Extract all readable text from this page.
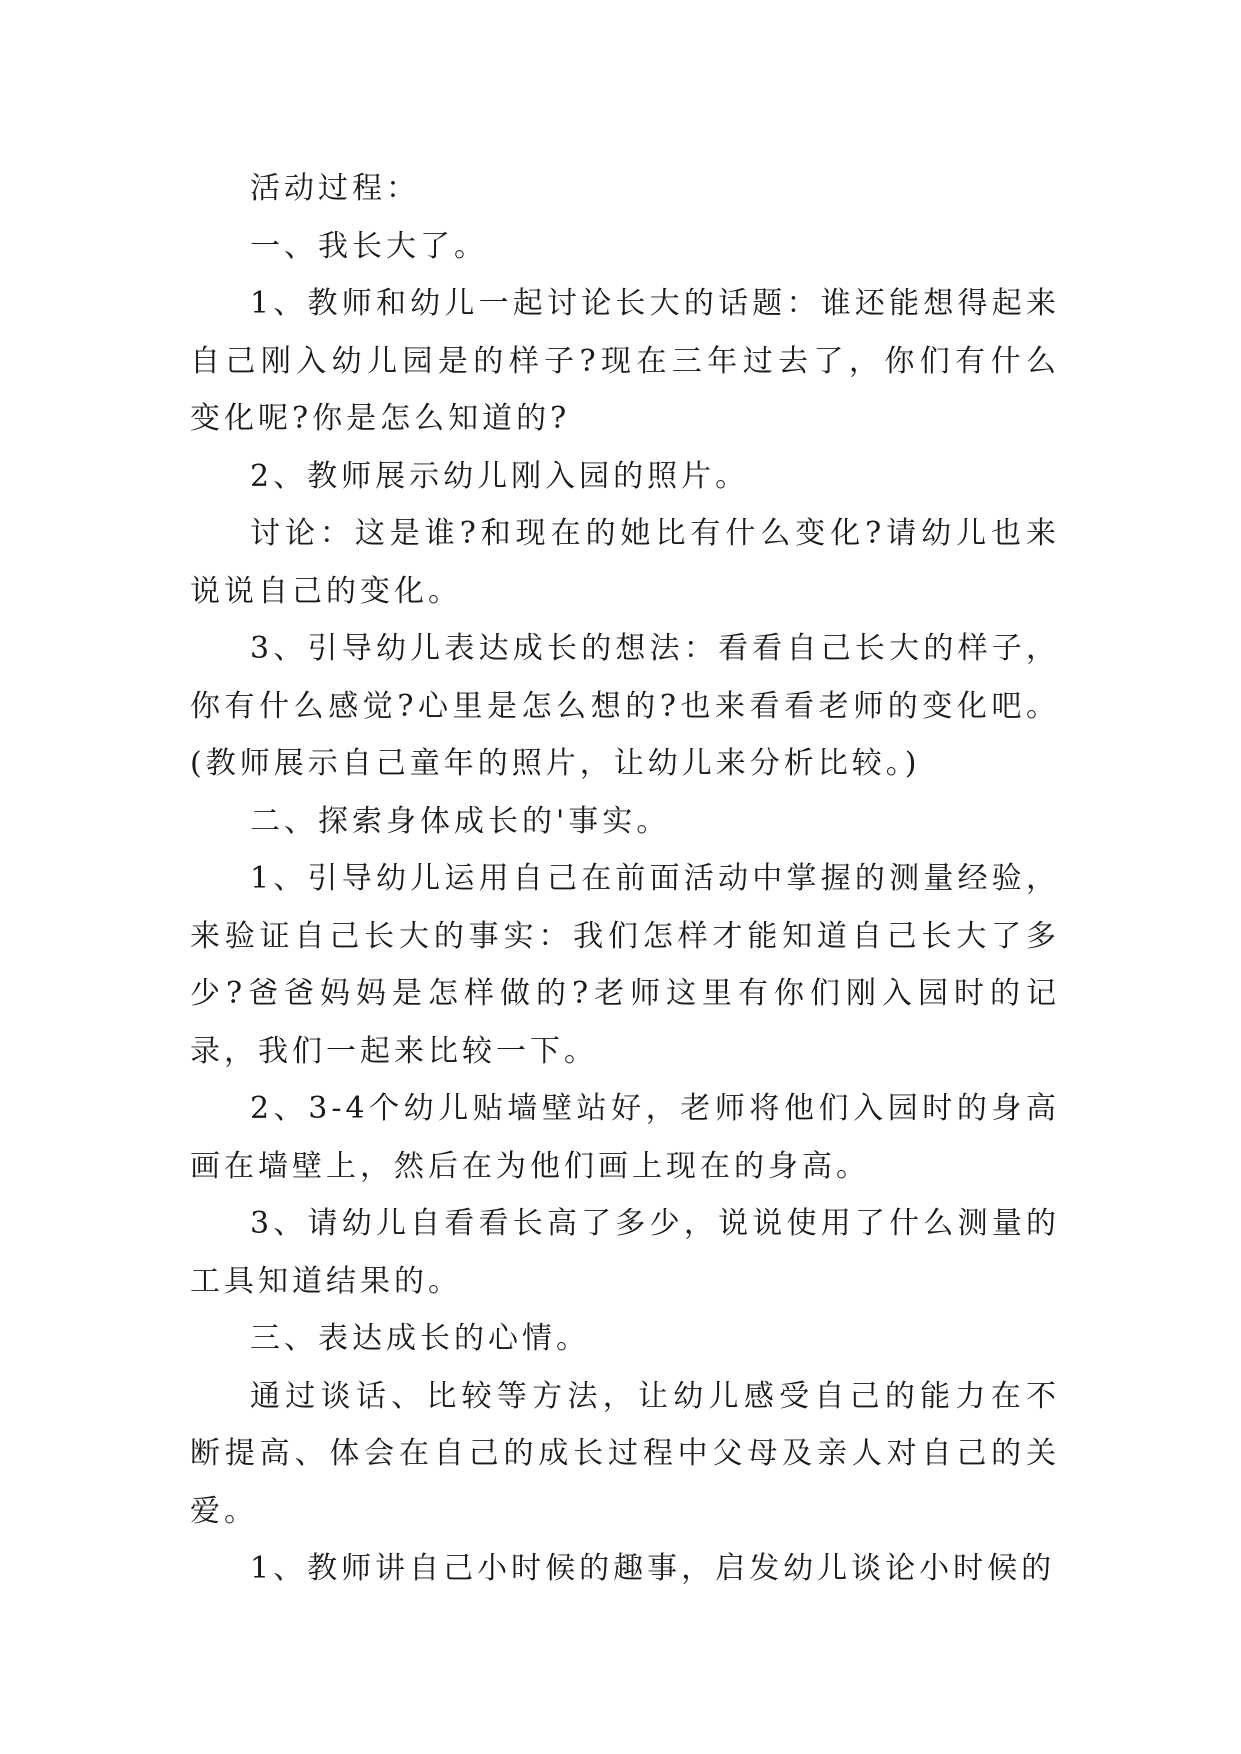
活动过程：

一、我长大了。

1、教师和幼儿一起讨论长大的话题：谁还能想得起来自己刚入幼儿园是的样子?现在三年过去了，你们有什么变化呢?你是怎么知道的?

2、教师展示幼儿刚入园的照片。

讨论：这是谁?和现在的她比有什么变化?请幼儿也来说说自己的变化。

3、引导幼儿表达成长的想法：看看自己长大的样子，你有什么感觉?心里是怎么想的?也来看看老师的变化吧。(教师展示自己童年的照片，让幼儿来分析比较。)

二、探索身体成长的'事实。

1、引导幼儿运用自己在前面活动中掌握的测量经验，来验证自己长大的事实：我们怎样才能知道自己长大了多少?爸爸妈妈是怎样做的?老师这里有你们刚入园时的记录，我们一起来比较一下。

2、3-4个幼儿贴墙壁站好，老师将他们入园时的身高画在墙壁上，然后在为他们画上现在的身高。

3、请幼儿自看看长高了多少，说说使用了什么测量的工具知道结果的。

三、表达成长的心情。

通过谈话、比较等方法，让幼儿感受自己的能力在不断提高、体会在自己的成长过程中父母及亲人对自己的关爱。

1、教师讲自己小时候的趣事，启发幼儿谈论小时候的
